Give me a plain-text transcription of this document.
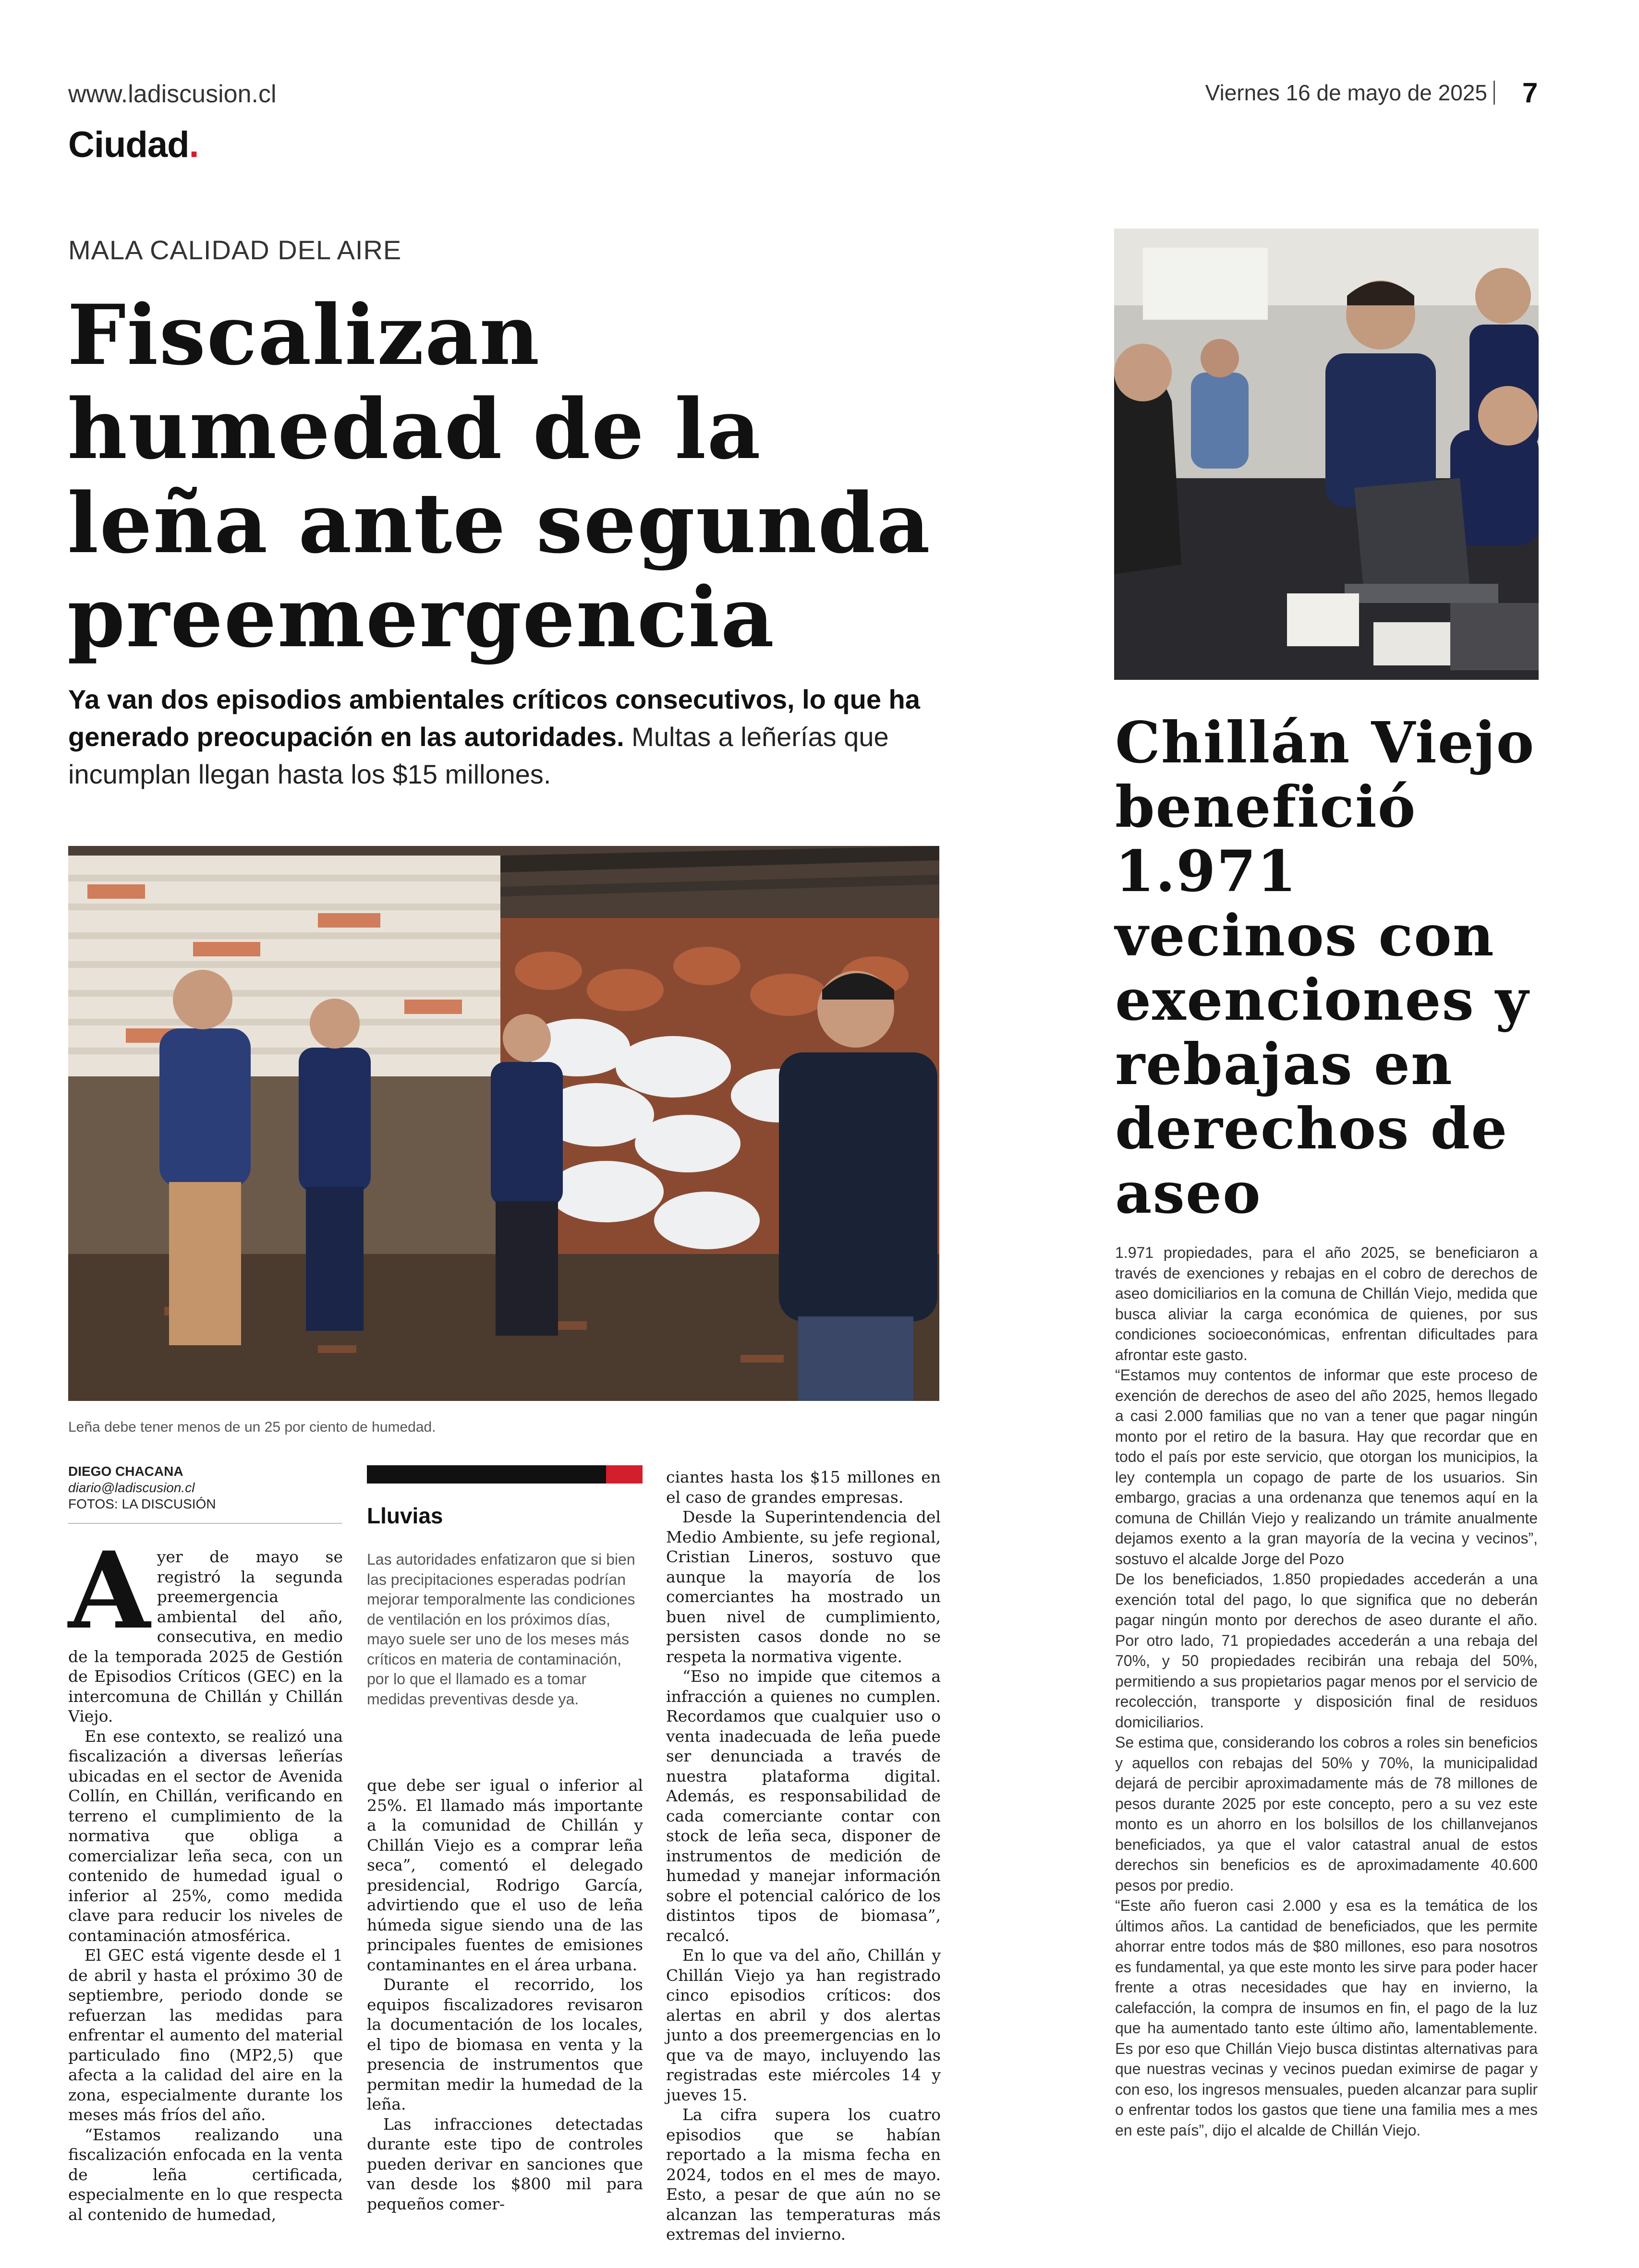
www.ladiscusion.cl
Ciudad.
Viernes 16 de mayo de 2025 7
MALA CALIDAD DEL AIRE
Fiscalizan humedad de la leña ante segunda preemergencia
Ya van dos episodios ambientales críticos consecutivos, lo que ha generado preocupación en las autoridades. Multas a leñerías que incumplan llegan hasta los $15 millones.
Leña debe tener menos de un 25 por ciento de humedad.
DIEGO CHACANA
diario@ladiscusion.cl
FOTOS: LA DISCUSIÓN

Ayer de mayo se registró la segunda preemergencia ambiental del año, consecutiva, en medio de la temporada 2025 de Gestión de Episodios Críticos (GEC) en la intercomuna de Chillán y Chillán Viejo.

En ese contexto, se realizó una fiscalización a diversas leñerías ubicadas en el sector de Avenida Collín, en Chillán, verificando en terreno el cumplimiento de la normativa que obliga a comercializar leña seca, con un contenido de humedad igual o inferior al 25%, como medida clave para reducir los niveles de contaminación atmosférica.

El GEC está vigente desde el 1 de abril y hasta el próximo 30 de septiembre, periodo donde se refuerzan las medidas para enfrentar el aumento del material particulado fino (MP2,5) que afecta a la calidad del aire en la zona, especialmente durante los meses más fríos del año.

“Estamos realizando una fiscalización enfocada en la venta de leña certificada, especialmente en lo que respecta al contenido de humedad,

Lluvias
Las autoridades enfatizaron que si bien las precipitaciones esperadas podrían mejorar temporalmente las condiciones de ventilación en los próximos días, mayo suele ser uno de los meses más críticos en materia de contaminación, por lo que el llamado es a tomar medidas preventivas desde ya.

que debe ser igual o inferior al 25%. El llamado más importante a la comunidad de Chillán y Chillán Viejo es a comprar leña seca”, comentó el delegado presidencial, Rodrigo García, advirtiendo que el uso de leña húmeda sigue siendo una de las principales fuentes de emisiones contaminantes en el área urbana.

Durante el recorrido, los equipos fiscalizadores revisaron la documentación de los locales, el tipo de biomasa en venta y la presencia de instrumentos que permitan medir la humedad de la leña.

Las infracciones detectadas durante este tipo de controles pueden derivar en sanciones que van desde los $800 mil para pequeños comer-

ciantes hasta los $15 millones en el caso de grandes empresas.

Desde la Superintendencia del Medio Ambiente, su jefe regional, Cristian Lineros, sostuvo que aunque la mayoría de los comerciantes ha mostrado un buen nivel de cumplimiento, persisten casos donde no se respeta la normativa vigente.

“Eso no impide que citemos a infracción a quienes no cumplen. Recordamos que cualquier uso o venta inadecuada de leña puede ser denunciada a través de nuestra plataforma digital. Además, es responsabilidad de cada comerciante contar con stock de leña seca, disponer de instrumentos de medición de humedad y manejar información sobre el potencial calórico de los distintos tipos de biomasa”, recalcó.

En lo que va del año, Chillán y Chillán Viejo ya han registrado cinco episodios críticos: dos alertas en abril y dos alertas junto a dos preemergencias en lo que va de mayo, incluyendo las registradas este miércoles 14 y jueves 15.

La cifra supera los cuatro episodios que se habían reportado a la misma fecha en 2024, todos en el mes de mayo. Esto, a pesar de que aún no se alcanzan las temperaturas más extremas del invierno.

Chillán Viejo benefició 1.971 vecinos con exenciones y rebajas en derechos de aseo

1.971 propiedades, para el año 2025, se beneficiaron a través de exenciones y rebajas en el cobro de derechos de aseo domiciliarios en la comuna de Chillán Viejo, medida que busca aliviar la carga económica de quienes, por sus condiciones socioeconómicas, enfrentan dificultades para afrontar este gasto.

“Estamos muy contentos de informar que este proceso de exención de derechos de aseo del año 2025, hemos llegado a casi 2.000 familias que no van a tener que pagar ningún monto por el retiro de la basura. Hay que recordar que en todo el país por este servicio, que otorgan los municipios, la ley contempla un copago de parte de los usuarios. Sin embargo, gracias a una ordenanza que tenemos aquí en la comuna de Chillán Viejo y realizando un trámite anualmente dejamos exento a la gran mayoría de la vecina y vecinos”, sostuvo el alcalde Jorge del Pozo

De los beneficiados, 1.850 propiedades accederán a una exención total del pago, lo que significa que no deberán pagar ningún monto por derechos de aseo durante el año. Por otro lado, 71 propiedades accederán a una rebaja del 70%, y 50 propiedades recibirán una rebaja del 50%, permitiendo a sus propietarios pagar menos por el servicio de recolección, transporte y disposición final de residuos domiciliarios.

Se estima que, considerando los cobros a roles sin beneficios y aquellos con rebajas del 50% y 70%, la municipalidad dejará de percibir aproximadamente más de 78 millones de pesos durante 2025 por este concepto, pero a su vez este monto es un ahorro en los bolsillos de los chillanvejanos beneficiados, ya que el valor catastral anual de estos derechos sin beneficios es de aproximadamente 40.600 pesos por predio.

“Este año fueron casi 2.000 y esa es la temática de los últimos años. La cantidad de beneficiados, que les permite ahorrar entre todos más de $80 millones, eso para nosotros es fundamental, ya que este monto les sirve para poder hacer frente a otras necesidades que hay en invierno, la calefacción, la compra de insumos en fin, el pago de la luz que ha aumentado tanto este último año, lamentablemente. Es por eso que Chillán Viejo busca distintas alternativas para que nuestras vecinas y vecinos puedan eximirse de pagar y con eso, los ingresos mensuales, pueden alcanzar para suplir o enfrentar todos los gastos que tiene una familia mes a mes en este país”, dijo el alcalde de Chillán Viejo.
